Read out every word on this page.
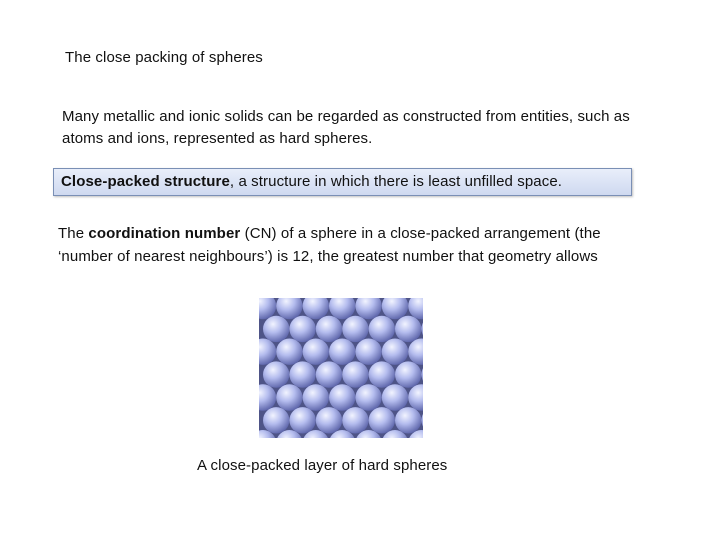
The close packing of spheres
Many metallic and ionic solids can be regarded as constructed from entities, such as atoms and ions, represented as hard spheres.
Close-packed structure, a structure in which there is least unfilled space.
The coordination number (CN) of a sphere in a close-packed arrangement (the ‘number of nearest neighbours’) is 12, the greatest number that geometry allows
A close-packed layer of hard spheres
